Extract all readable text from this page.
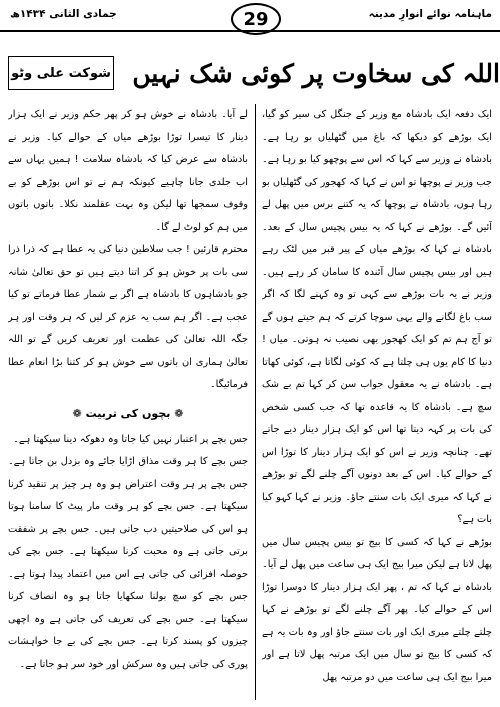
ماہنامہ نوائے انوارِ مدینہ
29
جمادی الثانی ۱۴۳۴ھ
اللہ کی سخاوت پر کوئی شک نہیں
شوکت علی وٹو

ایک دفعہ ایک بادشاہ مع وزیر کے جنگل کی سیر کو گیا، ایک بوڑھے کو دیکھا کہ باغ میں گٹھلیاں بو رہا ہے۔ بادشاہ نے وزیر سے کہا کہ اس سے پوچھو کیا بو رہا ہے۔ جب وزیر نے پوچھا تو اس نے کہا کہ کھجور کی گٹھلیاں بو رہا ہوں، بادشاہ نے پوچھا کہ یہ کتنے برس میں پھل لے آئیں گے۔ بوڑھے نے کہا کہ یہ بیس پچیس سال کے بعد۔ بادشاہ نے کہا کہ بوڑھے میاں کے پیر قبر میں لٹک رہے ہیں اور بیس پچیس سال آئندہ کا سامان کر رہے ہیں۔ وزیر نے یہ بات بوڑھے سے کہی تو وہ کہنے لگا کہ اگر سب باغ لگانے والے یہی سوچا کرتے کہ ہم جیتے ہوں گے تو آج ہم تم کو ایک کھجور بھی نصیب نہ ہوتی۔ میاں ! دنیا کا کام یوں ہی چلتا ہے کہ کوئی لگاتا ہے، کوئی کھاتا ہے۔ بادشاہ نے یہ معقول جواب سن کر کہا تم بے شک سچ ہے۔ بادشاہ کا یہ قاعدہ تھا کہ جب کسی شخص کی بات پر کہہ دیتا تھا اس کو ایک ہزار دینار دیے جاتے تھے۔ چنانچہ وزیر نے اس کو ایک ہزار دینار کا توڑا اس کے حوالے کیا۔ اس کے بعد دونوں آگے چلنے لگے تو بوڑھے نے کہا کہ میری ایک بات سنتے جاؤ۔ وزیر نے کہا کہو کیا بات ہے؟

بوڑھے نے کہا کہ کسی کا بیج تو بیس پچیس سال میں پھل لاتا ہے لیکن میرا بیج ایک ہی ساعت میں پھل لے آیا۔ بادشاہ نے کہا کہ تم ، پھر ایک ہزار دینار کا دوسرا توڑا اس کے حوالے کیا۔ پھر آگے چلنے لگے تو بوڑھے نے کہا چلتے چلتے میری ایک اور بات سنتے جاؤ اور وہ بات یہ ہے کہ کسی کا بیج تو سال میں ایک مرتبہ پھل لاتا ہے اور میرا بیج ایک ہی ساعت میں دو مرتبہ پھل

لے آیا۔ بادشاہ نے خوش ہو کر پھر حکم وزیر نے ایک ہزار دینار کا تیسرا توڑا بوڑھے میاں کے حوالے کیا۔ وزیر نے بادشاہ سے عرض کیا کہ بادشاہ سلامت ! ہمیں یہاں سے اب جلدی جانا چاہیے کیونکہ ہم نے تو اس بوڑھے کو بے وقوف سمجھا تھا لیکن وہ بہت عقلمند نکلا۔ باتوں باتوں میں ہم کو لوٹ لے گا۔

محترم قارئین ! جب سلاطین دنیا کی یہ عطا ہے کہ ذرا ذرا سی بات پر خوش ہو کر اتنا دیتے ہیں تو حق تعالیٰ شانہ جو بادشاہوں کا بادشاہ ہے اگر بے شمار عطا فرماتے تو کیا عجب ہے۔ اگر ہم سب یہ عزم کر لیں کہ ہر وقت اور ہر جگہ اللہ تعالیٰ کی عظمت اور تعریف کریں گے تو اللہ تعالیٰ ہماری ان باتوں سے خوش ہو کر کتنا بڑا انعام عطا فرمائیگا۔

❁ بچوں کی تربیت ❁

جس بچے پر اعتبار نہیں کیا جاتا وہ دھوکہ دینا سیکھتا ہے۔

جس بچے کا ہر وقت مذاق اڑایا جائے وہ بزدل بن جاتا ہے۔ جس بچے پر ہر وقت اعتراض ہو وہ ہر چیز پر تنقید کرنا سیکھتا ہے۔ جس بچے کو ہر وقت مار پیٹ کا سامنا ہوتا ہو اس کی صلاحیتیں دب جاتی ہیں۔ جس بچے پر شفقت برتی جاتی ہے وہ محبت کرنا سیکھتا ہے۔ جس بچے کی حوصلہ افزائی کی جاتی ہے اس میں اعتماد پیدا ہوتا ہے۔ جس بچے کو سچ بولنا سکھایا جاتا ہو وہ انصاف کرنا سیکھتا ہے۔ جس بچے کی تعریف کی جاتی ہے وہ اچھی چیزوں کو پسند کرتا ہے۔ جس بچے کی بے جا خواہشات پوری کی جاتی ہیں وہ سرکش اور خود سر ہو جاتا ہے۔
